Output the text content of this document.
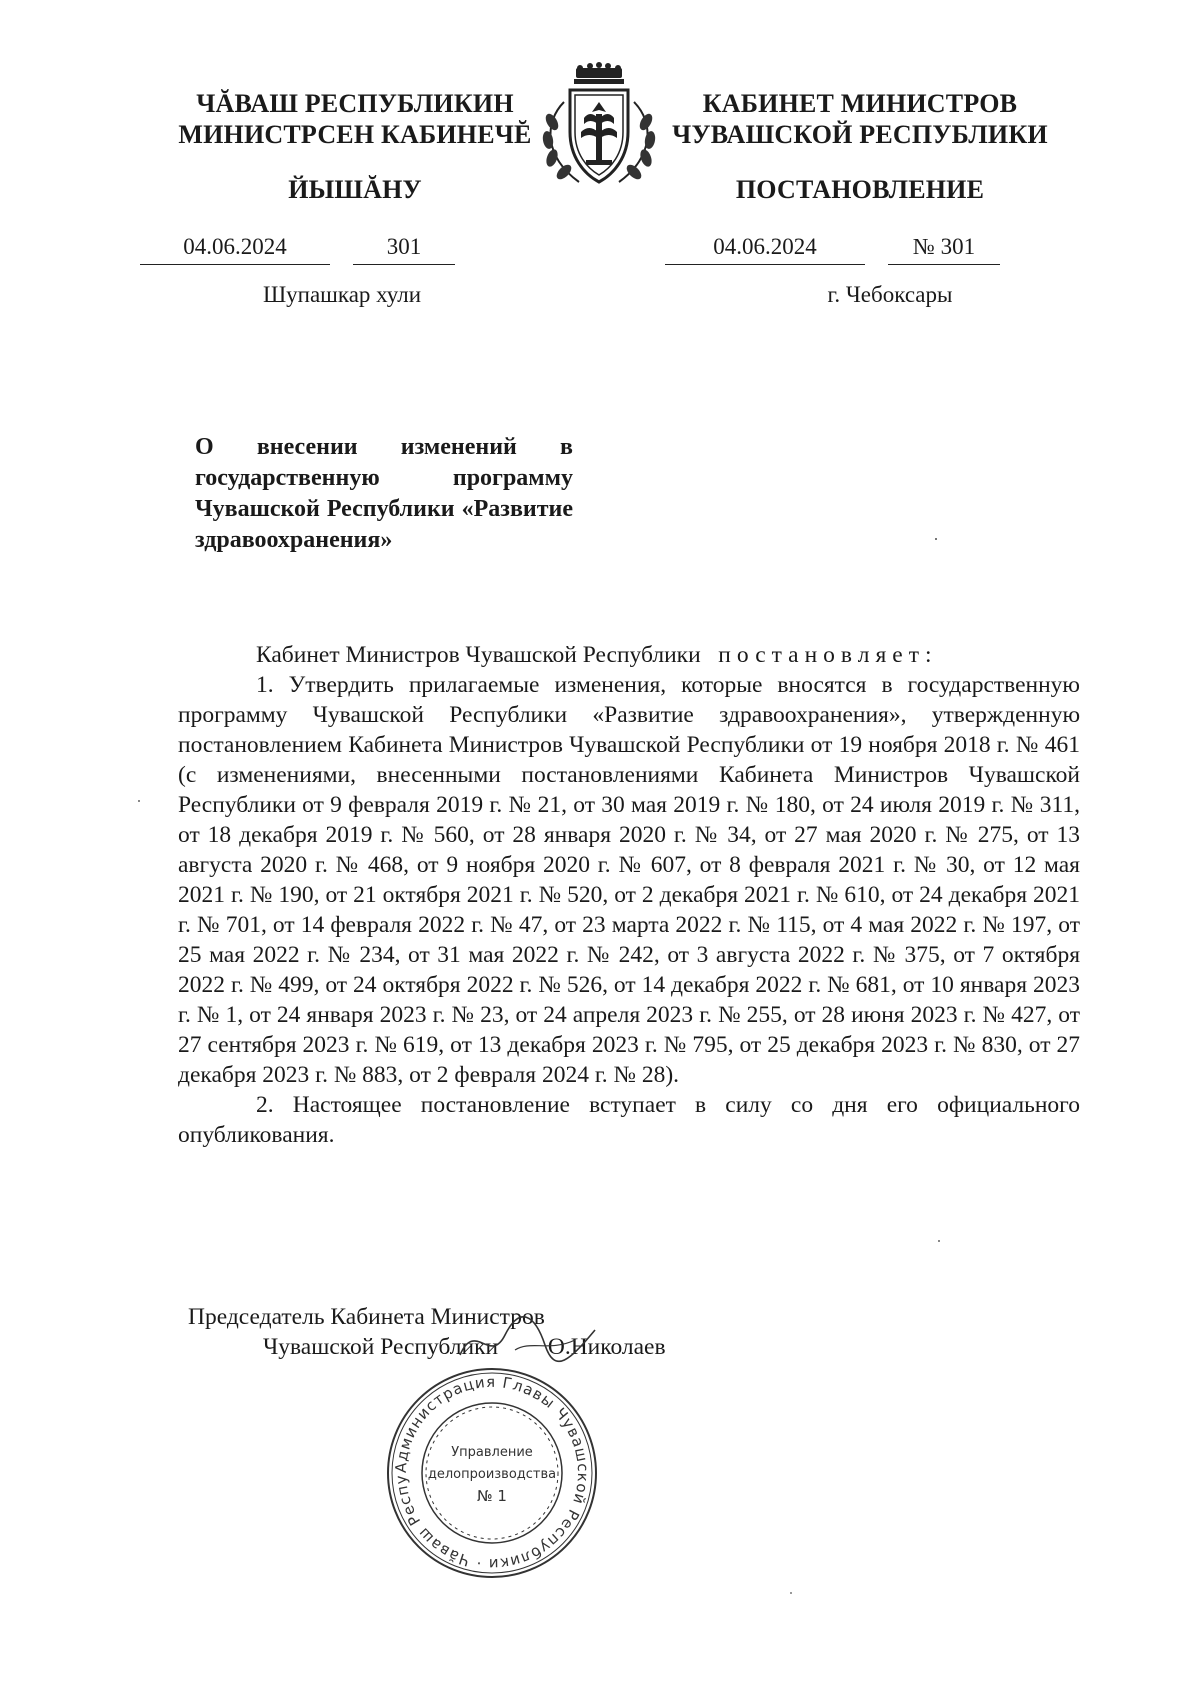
ЧĂВАШ РЕСПУБЛИКИН
МИНИСТРСЕН КАБИНЕЧĔ
ЙЫШĂНУ
04.06.2024	301
Шупашкар хули
КАБИНЕТ МИНИСТРОВ
ЧУВАШСКОЙ РЕСПУБЛИКИ
ПОСТАНОВЛЕНИЕ
04.06.2024	№ 301
г. Чебоксары
О внесении изменений в государственную программу Чувашской Республики «Развитие здравоохранения»

Кабинет Министров Чувашской Республики постановляет:

1. Утвердить прилагаемые изменения, которые вносятся в государственную программу Чувашской Республики «Развитие здравоохранения», утвержденную постановлением Кабинета Министров Чувашской Республики от 19 ноября 2018 г. № 461 (с изменениями, внесенными постановлениями Кабинета Министров Чувашской Республики от 9 февраля 2019 г. № 21, от 30 мая 2019 г. № 180, от 24 июля 2019 г. № 311, от 18 декабря 2019 г. № 560, от 28 января 2020 г. № 34, от 27 мая 2020 г. № 275, от 13 августа 2020 г. № 468, от 9 ноября 2020 г. № 607, от 8 февраля 2021 г. № 30, от 12 мая 2021 г. № 190, от 21 октября 2021 г. № 520, от 2 декабря 2021 г. № 610, от 24 декабря 2021 г. № 701, от 14 февраля 2022 г. № 47, от 23 марта 2022 г. № 115, от 4 мая 2022 г. № 197, от 25 мая 2022 г. № 234, от 31 мая 2022 г. № 242, от 3 августа 2022 г. № 375, от 7 октября 2022 г. № 499, от 24 октября 2022 г. № 526, от 14 декабря 2022 г. № 681, от 10 января 2023 г. № 1, от 24 января 2023 г. № 23, от 24 апреля 2023 г. № 255, от 28 июня 2023 г. № 427, от 27 сентября 2023 г. № 619, от 13 декабря 2023 г. № 795, от 25 декабря 2023 г. № 830, от 27 декабря 2023 г. № 883, от 2 февраля 2024 г. № 28).

2. Настоящее постановление вступает в силу со дня его официального опубликования.

Председатель Кабинета Министров
Чувашской Республики О.Николаев
Администрация Главы Чувашской Республики · Чăваш Респу
Управление
делопроизводства
№ 1
